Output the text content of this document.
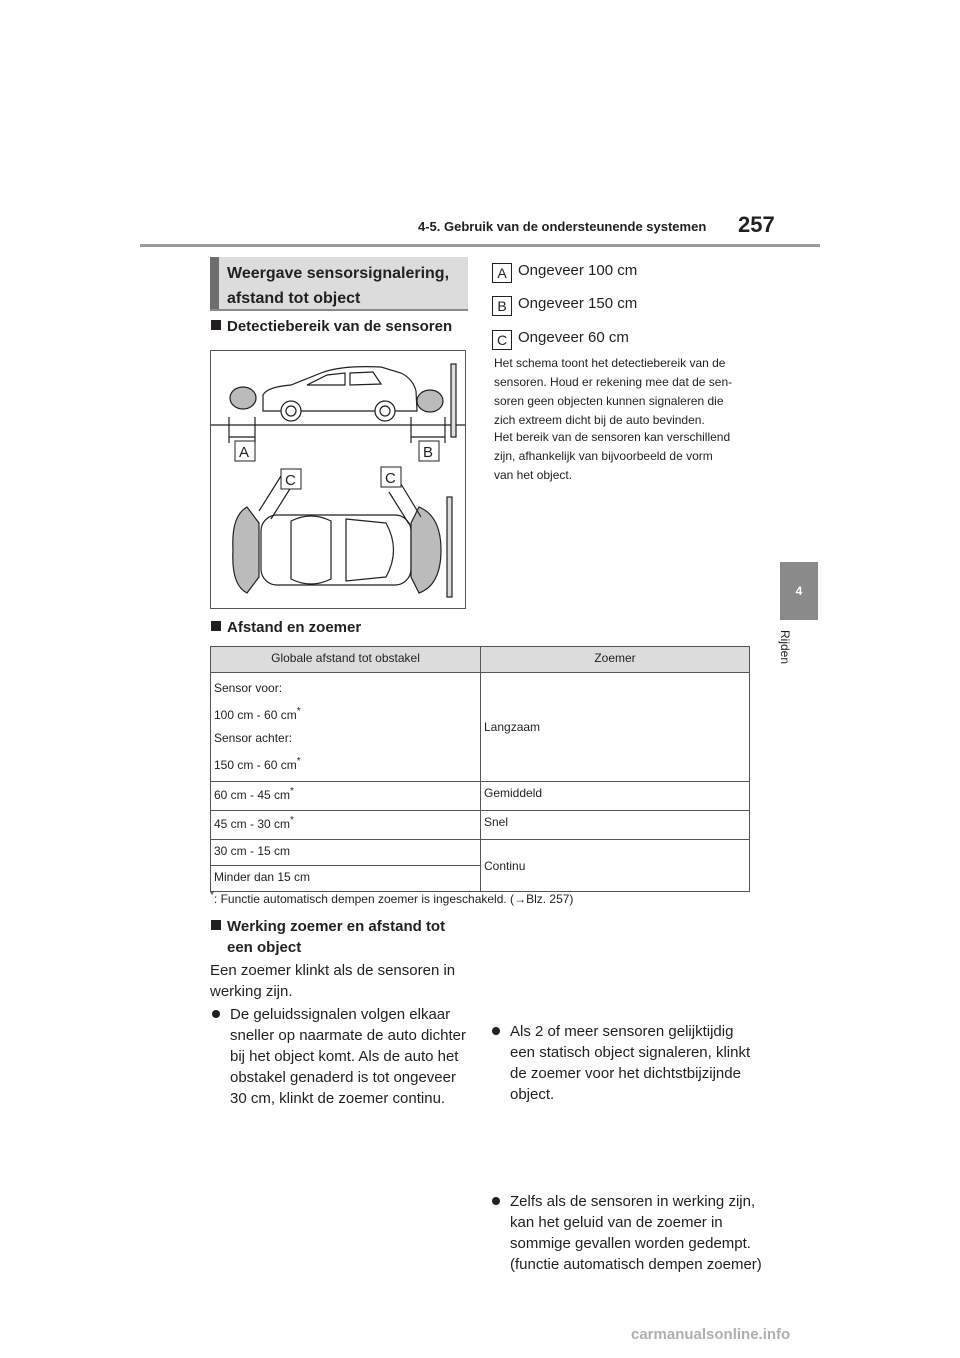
4-5. Gebruik van de ondersteunende systemen 257
4
Rijden
Weergave sensorsignalering,
afstand tot object
Detectiebereik van de sensoren
A	B
C	C
A Ongeveer 100 cm
B Ongeveer 150 cm
C Ongeveer 60 cm
Het schema toont het detectiebereik van de
sensoren. Houd er rekening mee dat de sen-
soren geen objecten kunnen signaleren die
zich extreem dicht bij de auto bevinden.
Het bereik van de sensoren kan verschillend
zijn, afhankelijk van bijvoorbeeld de vorm
van het object.
Afstand en zoemer
Globale afstand tot obstakel	Zoemer

Sensor voor:
100 cm - 60 cm*
Sensor achter:
150 cm - 60 cm*	Langzaam
60 cm - 45 cm*	Gemiddeld
45 cm - 30 cm*	Snel
30 cm - 15 cm	Continu
Minder dan 15 cm	
*: Functie automatisch dempen zoemer is ingeschakeld. (→Blz. 257)
Werking zoemer en afstand tot
een object
Een zoemer klinkt als de sensoren in
werking zijn.
De geluidssignalen volgen elkaar
sneller op naarmate de auto dichter
bij het object komt. Als de auto het
obstakel genaderd is tot ongeveer
30 cm, klinkt de zoemer continu.
Als 2 of meer sensoren gelijktijdig
een statisch object signaleren, klinkt
de zoemer voor het dichtstbijzijnde
object.
Zelfs als de sensoren in werking zijn,
kan het geluid van de zoemer in
sommige gevallen worden gedempt.
(functie automatisch dempen zoemer)
carmanualsonline.info
